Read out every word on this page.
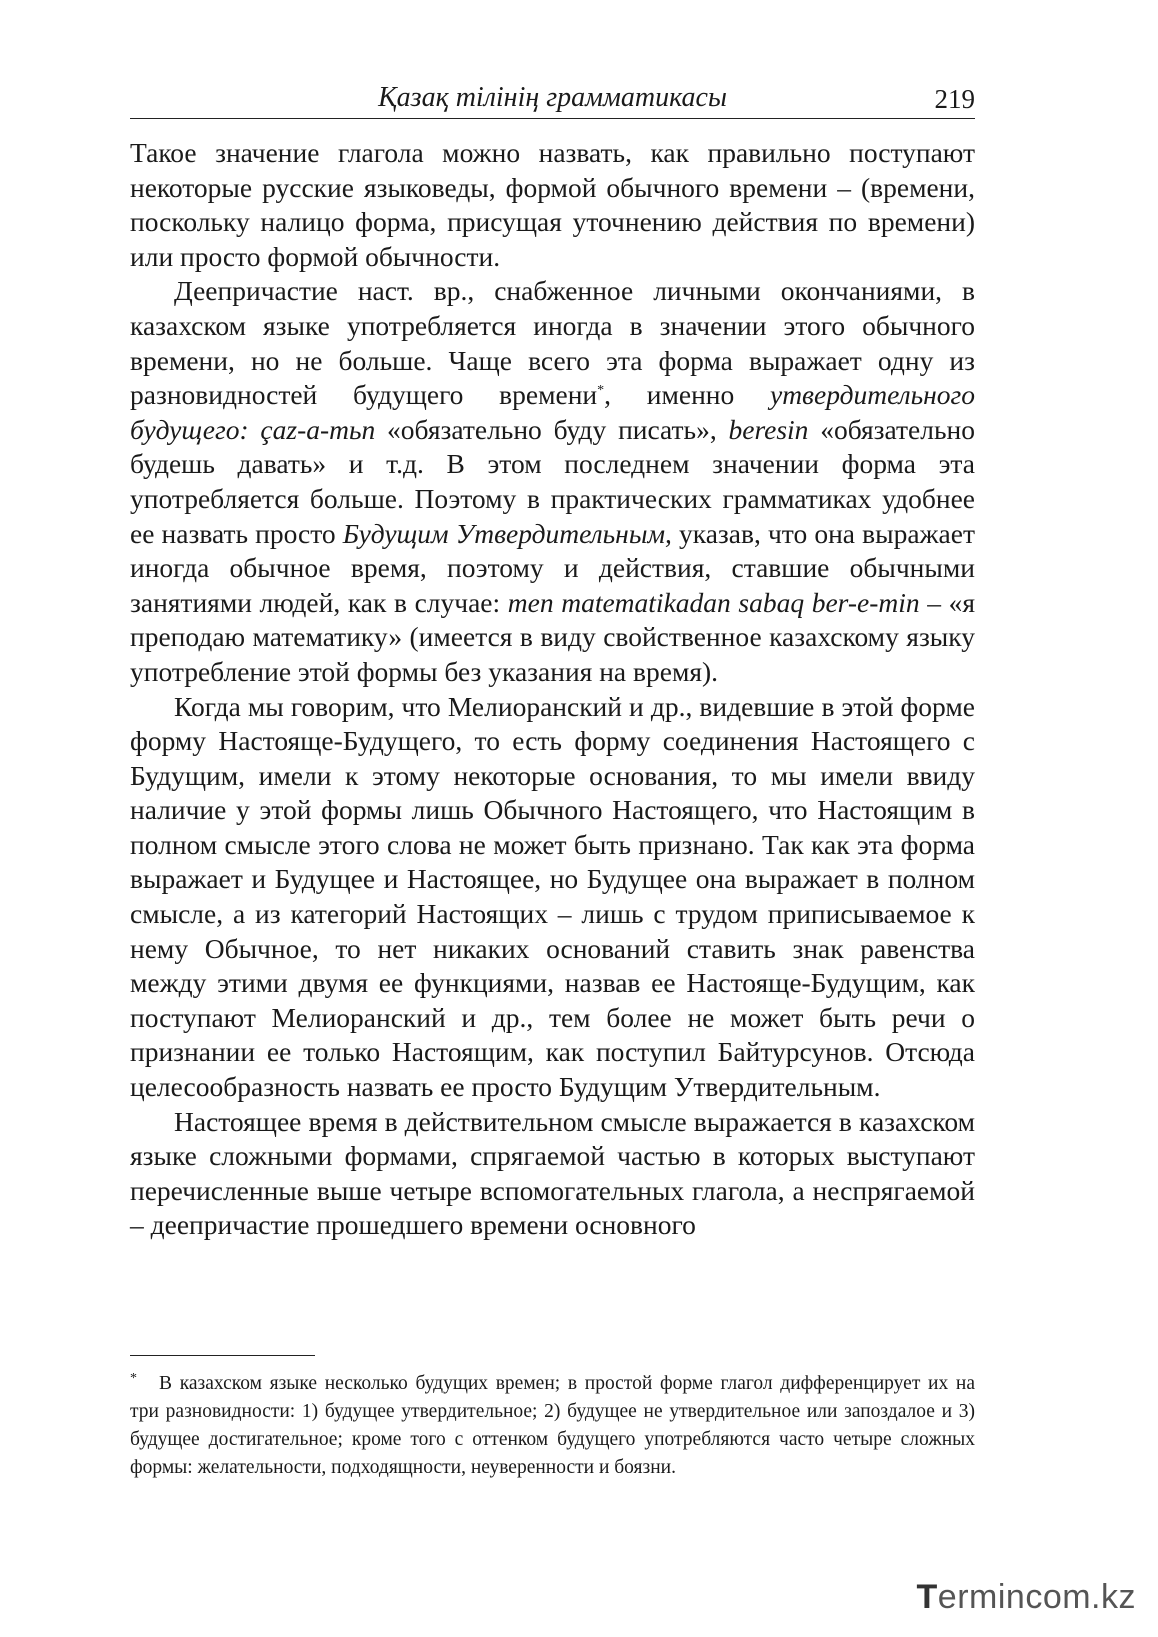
Қазақ тілінің грамматикасы	219

Такое значение глагола можно назвать, как правильно поступают некоторые русские языковеды, формой обычного времени – (времени, поскольку налицо форма, присущая уточнению действия по времени) или просто формой обычности.

Деепричастие наст. вр., снабженное личными окончаниями, в казахском языке употребляется иногда в значении этого обычного времени, но не больше. Чаще всего эта форма выражает одну из разновидностей будущего времени*, именно утвердительного будущего: çaz-a-тьп «обязательно буду писать», beresin «обязательно будешь давать» и т.д. В этом последнем значении форма эта употребляется больше. Поэтому в практических грамматиках удобнее ее назвать просто Будущим Утвердительным, указав, что она выражает иногда обычное время, поэтому и действия, ставшие обычными занятиями людей, как в случае: men matematikadan sabaq ber-e-min – «я преподаю математику» (имеется в виду свойственное казахскому языку употребление этой формы без указания на время).

Когда мы говорим, что Мелиоранский и др., видевшие в этой форме форму Настояще-Будущего, то есть форму соединения Настоящего с Будущим, имели к этому некоторые основания, то мы имели ввиду наличие у этой формы лишь Обычного Настоящего, что Настоящим в полном смысле этого слова не может быть признано. Так как эта форма выражает и Будущее и Настоящее, но Будущее она выражает в полном смысле, а из категорий Настоящих – лишь с трудом приписываемое к нему Обычное, то нет никаких оснований ставить знак равенства между этими двумя ее функциями, назвав ее Настояще-Будущим, как поступают Мелиоранский и др., тем более не может быть речи о признании ее только Настоящим, как поступил Байтурсунов. Отсюда целесообразность назвать ее просто Будущим Утвердительным.

Настоящее время в действительном смысле выражается в казахском языке сложными формами, спрягаемой частью в которых выступают перечисленные выше четыре вспомогательных глагола, а неспрягаемой – деепричастие прошедшего времени основного

* В казахском языке несколько будущих времен; в простой форме глагол дифференцирует их на три разновидности: 1) будущее утвердительное; 2) будущее не утвердительное или запоздалое и 3) будущее достигательное; кроме того с оттенком будущего употребляются часто четыре сложных формы: желательности, подходящности, неуверенности и боязни.
Termincom.kz
